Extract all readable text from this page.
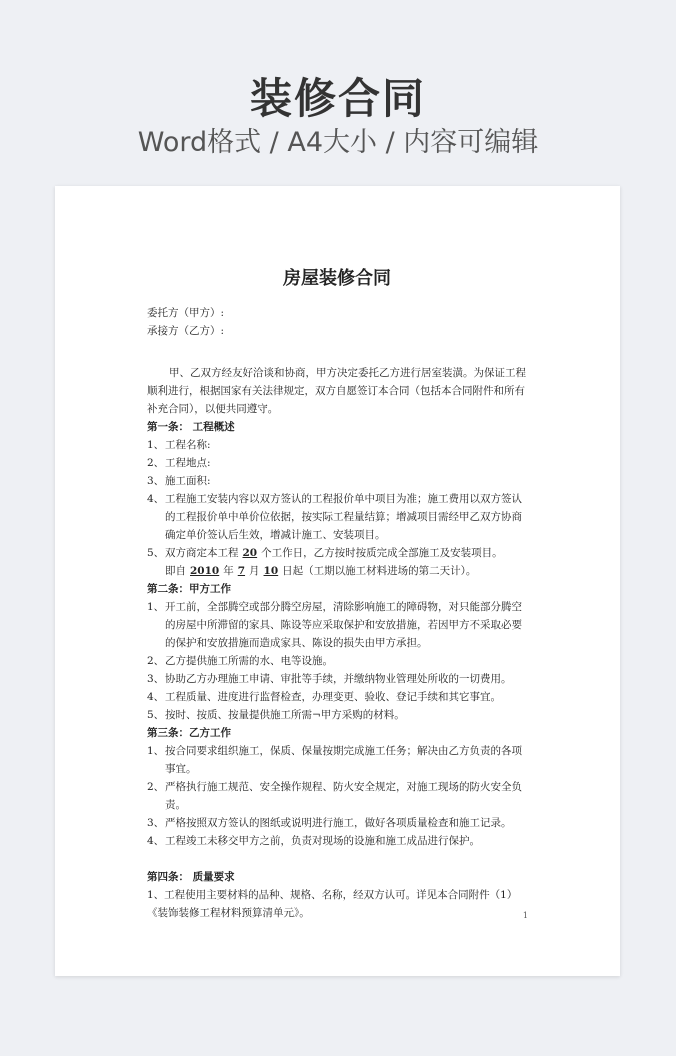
装修合同
Word格式 / A4大小 / 内容可编辑
房屋装修合同
委托方（甲方）:
承接方（乙方）:
甲、乙双方经友好洽谈和协商，甲方决定委托乙方进行居室装潢。为保证工程顺利进行，根据国家有关法律规定，双方自愿签订本合同（包括本合同附件和所有补充合同），以便共同遵守。
第一条： 工程概述
1、 工程名称:
2、 工程地点:
3、 施工面积:
4、 工程施工安装内容以双方签认的工程报价单中项目为准；施工费用以双方签认的工程报价单中单价位依据，按实际工程量结算；增减项目需经甲乙双方协商确定单价签认后生效，增减计施工、安装项目。
5、 双方商定本工程 20 个工作日，乙方按时按质完成全部施工及安装项目。
即自 2010 年 7 月 10 日起（工期以施工材料进场的第二天计）。
第二条：甲方工作
1、 开工前，全部腾空或部分腾空房屋，清除影响施工的障碍物，对只能部分腾空的房屋中所滞留的家具、陈设等应采取保护和安放措施，若因甲方不采取必要的保护和安放措施而造成家具、陈设的损失由甲方承担。
2、 乙方提供施工所需的水、电等设施。
3、 协助乙方办理施工申请、审批等手续，并缴纳物业管理处所收的一切费用。
4、 工程质量、进度进行监督检查，办理变更、验收、登记手续和其它事宜。
5、 按时、按质、按量提供施工所需¬甲方采购的材料。
第三条：乙方工作
1、 按合同要求组织施工，保质、保量按期完成施工任务；解决由乙方负责的各项事宜。
2、 严格执行施工规范、安全操作规程、防火安全规定，对施工现场的防火安全负责。
3、 严格按照双方签认的图纸或说明进行施工，做好各项质量检查和施工记录。
4、 工程竣工未移交甲方之前，负责对现场的设施和施工成品进行保护。
第四条： 质量要求
1、工程使用主要材料的品种、规格、名称，经双方认可。详见本合同附件（1）《装饰装修工程材料预算清单元》。	1
